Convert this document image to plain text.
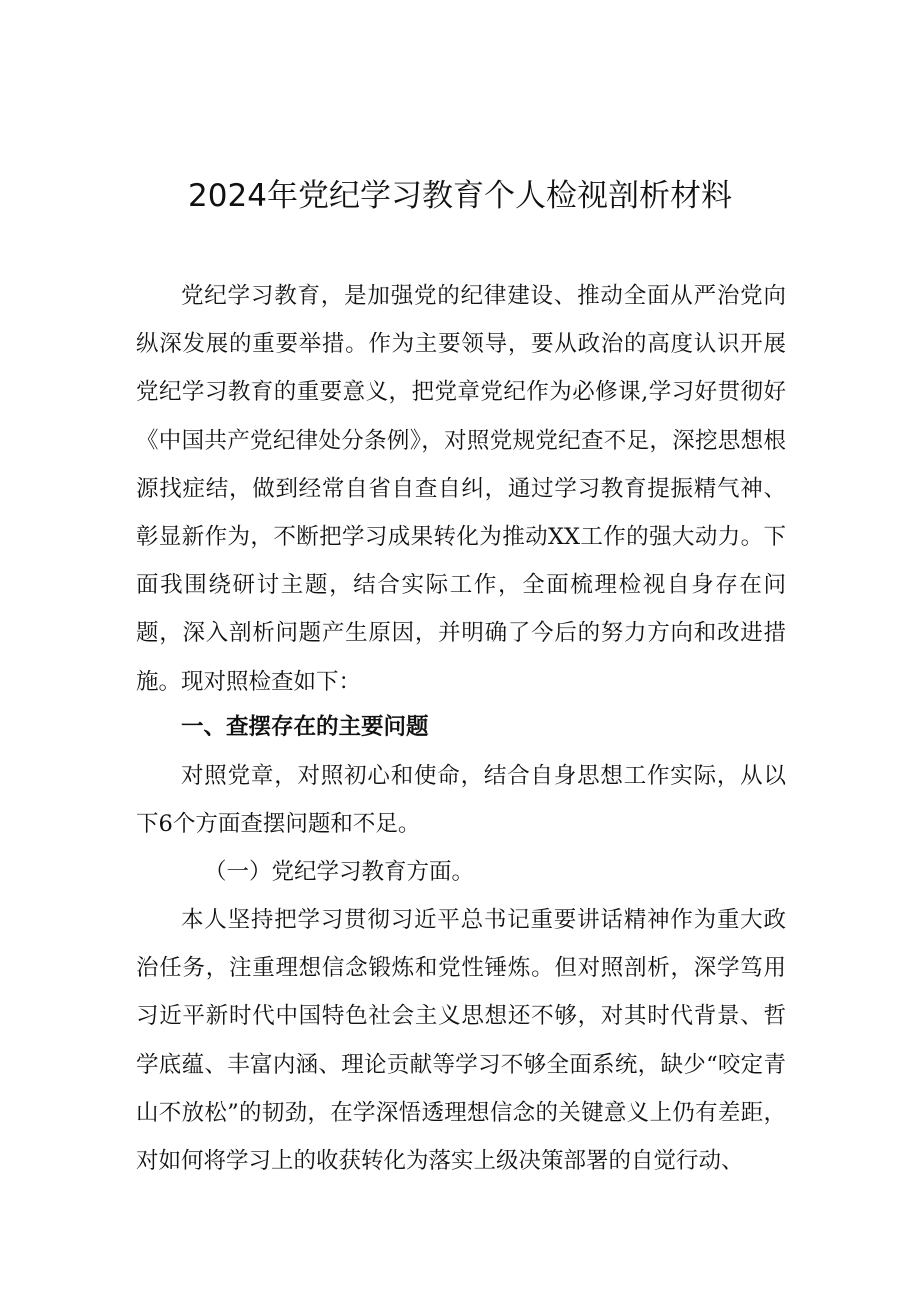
2024年党纪学习教育个人检视剖析材料

党纪学习教育，是加强党的纪律建设、推动全面从严治党向纵深发展的重要举措。作为主要领导，要从政治的高度认识开展党纪学习教育的重要意义，把党章党纪作为必修课,学习好贯彻好《中国共产党纪律处分条例》，对照党规党纪查不足，深挖思想根源找症结，做到经常自省自查自纠，通过学习教育提振精气神、彰显新作为，不断把学习成果转化为推动XX工作的强大动力。下面我围绕研讨主题，结合实际工作，全面梳理检视自身存在问题，深入剖析问题产生原因，并明确了今后的努力方向和改进措施。现对照检查如下：

一、查摆存在的主要问题

对照党章，对照初心和使命，结合自身思想工作实际，从以下6个方面查摆问题和不足。

（一）党纪学习教育方面。

本人坚持把学习贯彻习近平总书记重要讲话精神作为重大政治任务，注重理想信念锻炼和党性锤炼。但对照剖析，深学笃用习近平新时代中国特色社会主义思想还不够，对其时代背景、哲学底蕴、丰富内涵、理论贡献等学习不够全面系统，缺少“咬定青山不放松”的韧劲，在学深悟透理想信念的关键意义上仍有差距，对如何将学习上的收获转化为落实上级决策部署的自觉行动、
